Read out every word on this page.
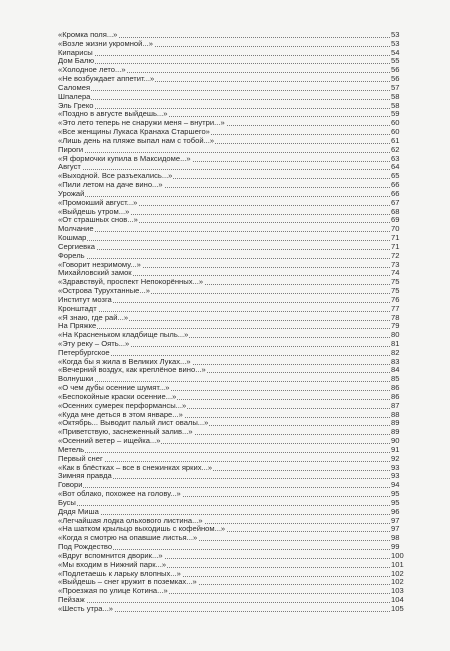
«Кромка поля...»	53
«Возле жизни укромной...»	53
Кипарисы	54
Дом Балю	55
«Холодное лето...»	56
«Не возбуждает аппетит...»	56
Саломея	57
Шпалера	58
Эль Греко	58
«Поздно в августе выйдешь...»	59
«Это лето теперь не снаружи меня – внутри...»	60
«Все женщины Лукаса Кранаха Старшего»	60
«Лишь день на пляже выпал нам с тобой...»	61
Пироги	62
«Я формочки купила в Максидоме...»	63
Август	64
«Выходной. Все разъехались...»	65
«Пили летом на даче вино...»	66
Урожай	66
«Промокший август...»	67
«Выйдешь утром...»	68
«От страшных снов...»	69
Молчание	70
Кошмар	71
Сергиевка	71
Форель	72
«Говорит незримому...»	73
Михайловский замок	74
«Здравствуй, проспект Непокорённых...»	75
«Острова Турухтанные...»	75
Институт мозга	76
Кронштадт	77
«Я знаю, где рай...»	78
На Пряжке	79
«На Красненьком кладбище пыль...»	80
«Эту реку – Оять...»	81
Петербургское	82
«Когда бы я жила в Великих Луках...»	83
«Вечерний воздух, как креплёное вино...»	84
Волнушки	85
«О чем дубы осенние шумят...»	86
«Беспокойные краски осенние...»	86
«Осенних сумерек перформансы...»	87
«Куда мне деться в этом январе...»	88
«Октябрь... Выводит палый лист овалы...»	89
«Приветствую, заснеженный залив...»	89
«Осенний ветер – ищейка...»	90
Метель	91
Первый снег	92
«Как в блёстках – все в снежинках ярких...»	93
Зимняя правда	93
Говори	94
«Вот облако, похожее на голову...»	95
Бусы	95
Дядя Миша	96
«Легчайшая лодка ольхового листина...»	97
«На шатком крыльцо выходишь с кофейном...»	97
«Когда я смотрю на опавшие листья...»	98
Под Рождество	99
«Вдруг вспомнится дворик...»	100
«Мы входим в Нижний парк...»	101
«Подлетаешь к ларьку влопных...»	102
«Выйдешь – снег кружит в поземках...»	102
«Проезжая по улице Котина...»	103
Пейзаж	104
«Шесть утра...»	105
